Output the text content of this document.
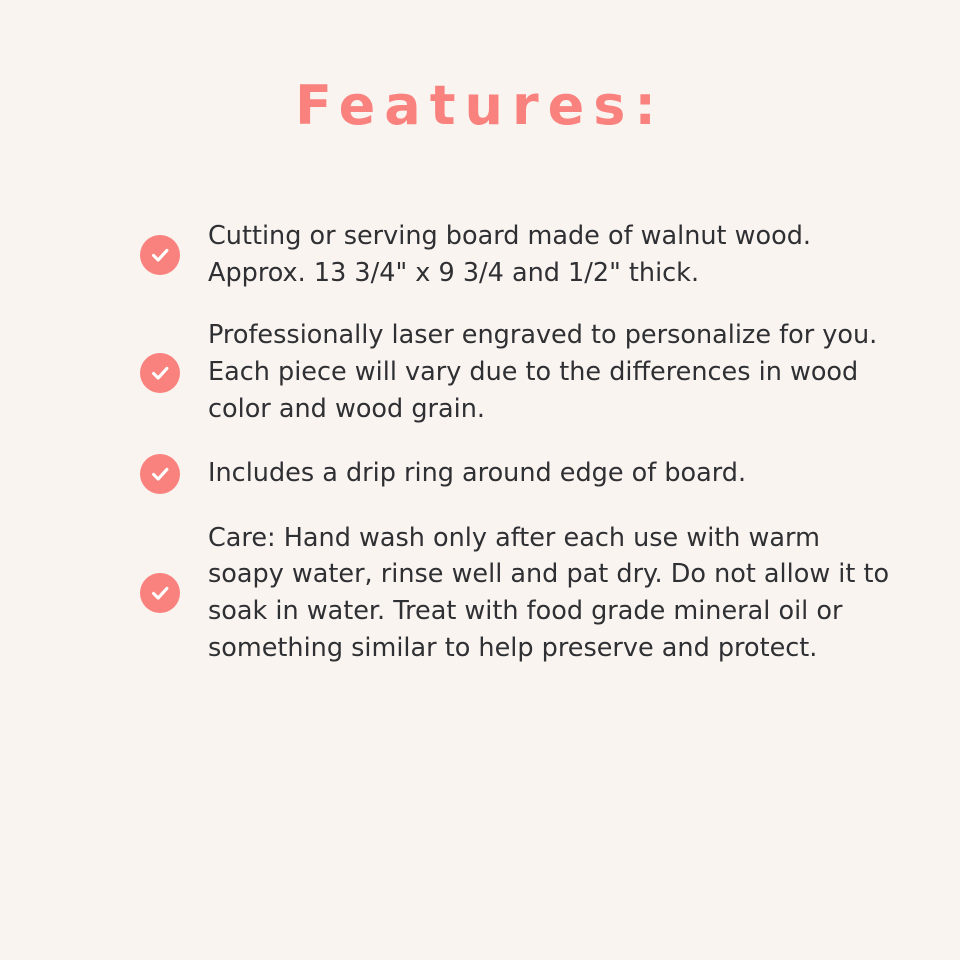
Features:
Cutting or serving board made of walnut wood. Approx. 13 3/4" x 9 3/4 and 1/2" thick.
Professionally laser engraved to personalize for you. Each piece will vary due to the differences in wood color and wood grain.
Includes a drip ring around edge of board.
Care: Hand wash only after each use with warm soapy water, rinse well and pat dry. Do not allow it to soak in water. Treat with food grade mineral oil or something similar to help preserve and protect.
